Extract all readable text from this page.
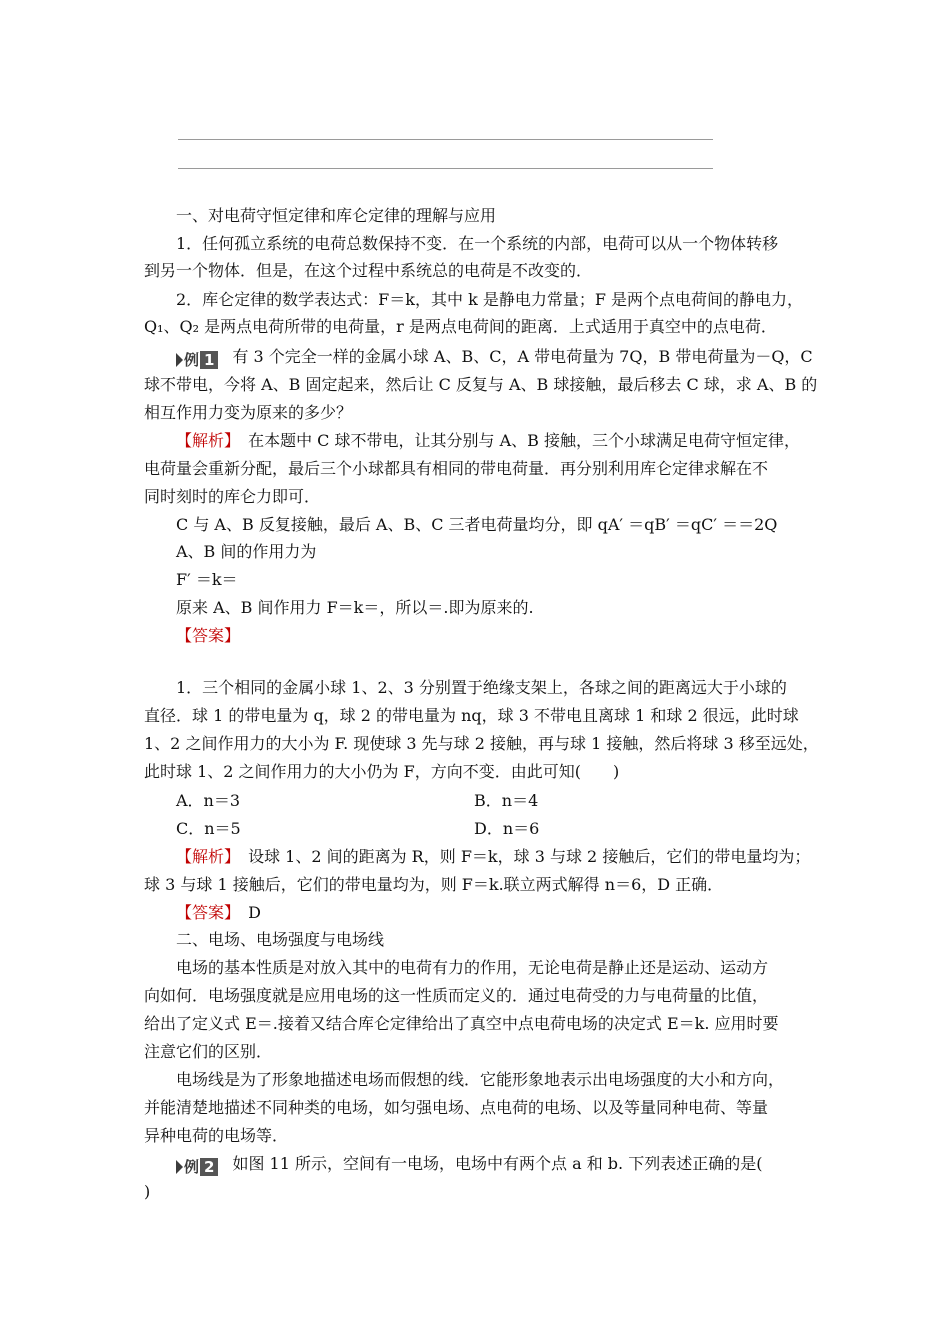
一、对电荷守恒定律和库仑定律的理解与应用
1．任何孤立系统的电荷总数保持不变．在一个系统的内部，电荷可以从一个物体转移
到另一个物体．但是，在这个过程中系统总的电荷是不改变的．
2．库仑定律的数学表达式：F＝k，其中 k 是静电力常量；F 是两个点电荷间的静电力，
Q₁、Q₂ 是两点电荷所带的电荷量，r 是两点电荷间的距离．上式适用于真空中的点电荷．
例 1 有 3 个完全一样的金属小球 A、B、C，A 带电荷量为 7Q，B 带电荷量为－Q，C
球不带电，今将 A、B 固定起来，然后让 C 反复与 A、B 球接触，最后移去 C 球，求 A、B 的
相互作用力变为原来的多少？
【 解析 】　 在本题中 C 球不带电，让其分别与 A、B 接触，三个小球满足电荷守恒定律，
电荷量会重新分配，最后三个小球都具有相同的带电荷量．再分别利用库仑定律求解在不
同时刻时的库仑力即可．
C 与 A、B 反复接触，最后 A、B、C 三者电荷量均分，即 qA′ ＝qB′ ＝qC′ ＝＝2Q
A、B 间的作用力为
F′ ＝k＝
原来 A、B 间作用力 F＝k＝，所以＝.即为原来的.
【 答案 】
1．三个相同的金属小球 1、2、3 分别置于绝缘支架上，各球之间的距离远大于小球的
直径．球 1 的带电量为 q，球 2 的带电量为 nq，球 3 不带电且离球 1 和球 2 很远，此时球
1、2 之间作用力的大小为 F. 现使球 3 先与球 2 接触，再与球 1 接触，然后将球 3 移至远处，
此时球 1、2 之间作用力的大小仍为 F，方向不变．由此可知(　　)
A．n＝3	B．n＝4
C．n＝5	D．n＝6
【 解析 】　 设球 1、2 间的距离为 R，则 F＝k，球 3 与球 2 接触后，它们的带电量均为；
球 3 与球 1 接触后，它们的带电量均为，则 F＝k.联立两式解得 n＝6，D 正确．
【 答案 】　 D
二、电场、电场强度与电场线
电场的基本性质是对放入其中的电荷有力的作用，无论电荷是静止还是运动、运动方
向如何．电场强度就是应用电场的这一性质而定义的．通过电荷受的力与电荷量的比值，
给出了定义式 E＝.接着又结合库仑定律给出了真空中点电荷电场的决定式 E＝k. 应用时要
注意它们的区别．
电场线是为了形象地描述电场而假想的线．它能形象地表示出电场强度的大小和方向，
并能清楚地描述不同种类的电场，如匀强电场、点电荷的电场、以及等量同种电荷、等量
异种电荷的电场等．
例 2 如图 11 所示，空间有一电场，电场中有两个点 a 和 b. 下列表述正确的是(
)
